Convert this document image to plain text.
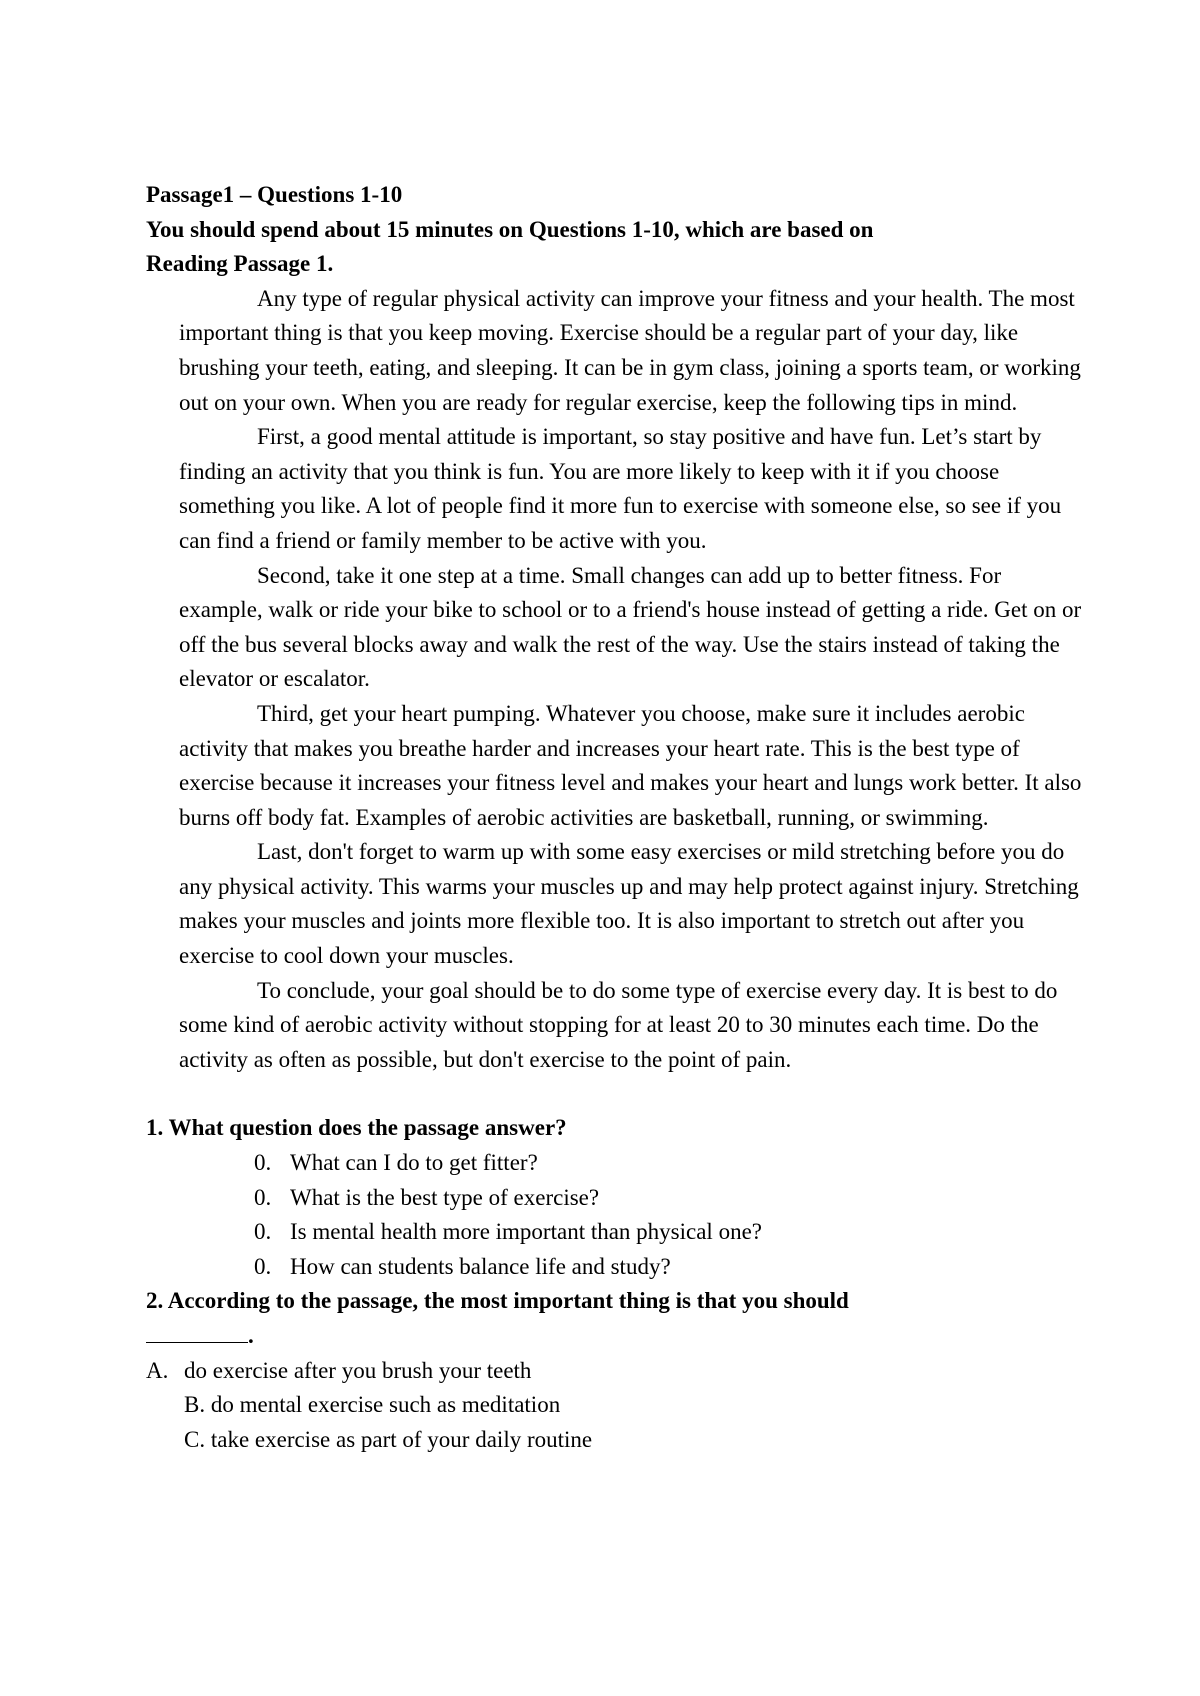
Passage1 – Questions 1-10

You should spend about 15 minutes on Questions 1-10, which are based on

Reading Passage 1.

Any type of regular physical activity can improve your fitness and your health. The most important thing is that you keep moving. Exercise should be a regular part of your day, like brushing your teeth, eating, and sleeping. It can be in gym class, joining a sports team, or working out on your own. When you are ready for regular exercise, keep the following tips in mind.

First, a good mental attitude is important, so stay positive and have fun. Let’s start by finding an activity that you think is fun. You are more likely to keep with it if you choose something you like. A lot of people find it more fun to exercise with someone else, so see if you can find a friend or family member to be active with you.

Second, take it one step at a time. Small changes can add up to better fitness. For example, walk or ride your bike to school or to a friend's house instead of getting a ride. Get on or off the bus several blocks away and walk the rest of the way. Use the stairs instead of taking the elevator or escalator.

Third, get your heart pumping. Whatever you choose, make sure it includes aerobic activity that makes you breathe harder and increases your heart rate. This is the best type of exercise because it increases your fitness level and makes your heart and lungs work better. It also burns off body fat. Examples of aerobic activities are basketball, running, or swimming.

Last, don't forget to warm up with some easy exercises or mild stretching before you do any physical activity. This warms your muscles up and may help protect against injury. Stretching makes your muscles and joints more flexible too. It is also important to stretch out after you exercise to cool down your muscles.

To conclude, your goal should be to do some type of exercise every day. It is best to do some kind of aerobic activity without stopping for at least 20 to 30 minutes each time. Do the activity as often as possible, but don't exercise to the point of pain.

1. What question does the passage answer?

0. What can I do to get fitter?
0. What is the best type of exercise?
0. Is mental health more important than physical one?
0. How can students balance life and study?

2. According to the passage, the most important thing is that you should

.

A. do exercise after you brush your teeth
B.
do mental exercise such as meditation
C.
take exercise as part of your daily routine
